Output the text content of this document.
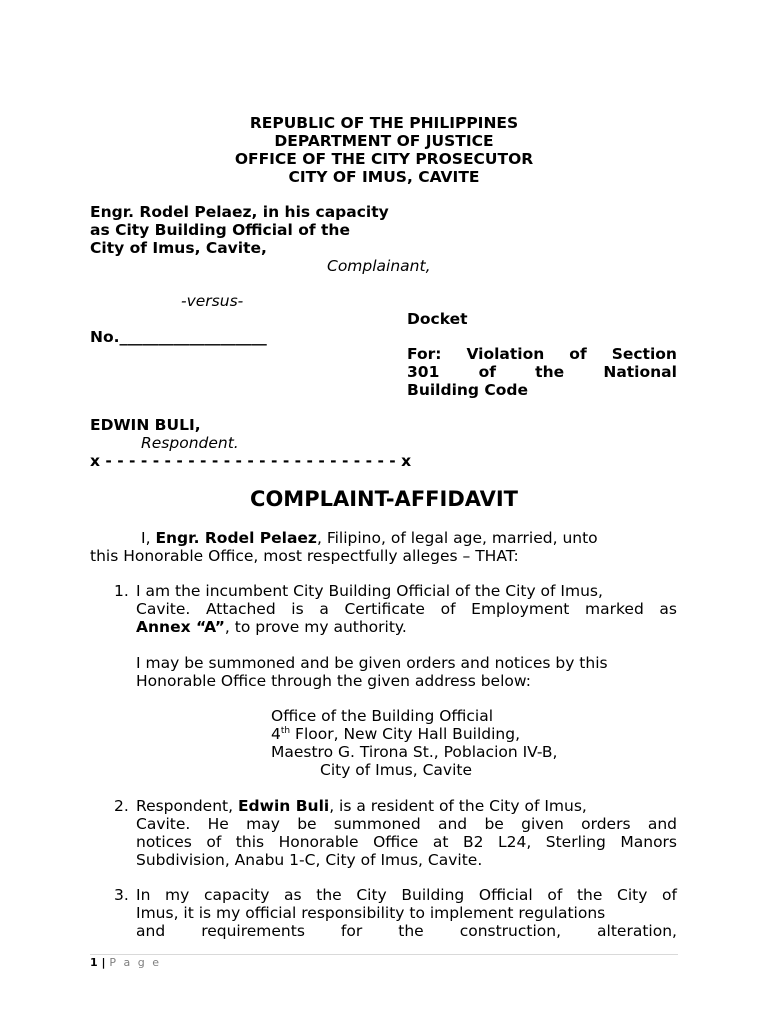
REPUBLIC OF THE PHILIPPINES
DEPARTMENT OF JUSTICE
OFFICE OF THE CITY PROSECUTOR
CITY OF IMUS, CAVITE
Engr. Rodel Pelaez, in his capacity
as City Building Official of the
City of Imus, Cavite,
Complainant,
-versus-
Docket
No.___________________
For: Violation of Section
301	of	the	National
Building Code
EDWIN BULI,
Respondent.
x - - - - - - - - - - - - - - - - - - - - - - - - - x
COMPLAINT-AFFIDAVIT
I, Engr. Rodel Pelaez, Filipino, of legal age, married, unto
this Honorable Office, most respectfully alleges – THAT:
1. I am the incumbent City Building Official of the City of Imus,
Cavite. Attached is a Certificate of Employment marked as
Annex “A”, to prove my authority.
I may be summoned and be given orders and notices by this
Honorable Office through the given address below:
Office of the Building Official
4th Floor, New City Hall Building,
Maestro G. Tirona St., Poblacion IV-B,
City of Imus, Cavite
2. Respondent, Edwin Buli, is a resident of the City of Imus,
Cavite. He may be summoned and be given orders and
notices of this Honorable Office at B2 L24, Sterling Manors
Subdivision, Anabu 1-C, City of Imus, Cavite.
3. In my capacity as the City Building Official of the City of
Imus, it is my official responsibility to implement regulations
and requirements for the construction, alteration,
1 | P a g e
